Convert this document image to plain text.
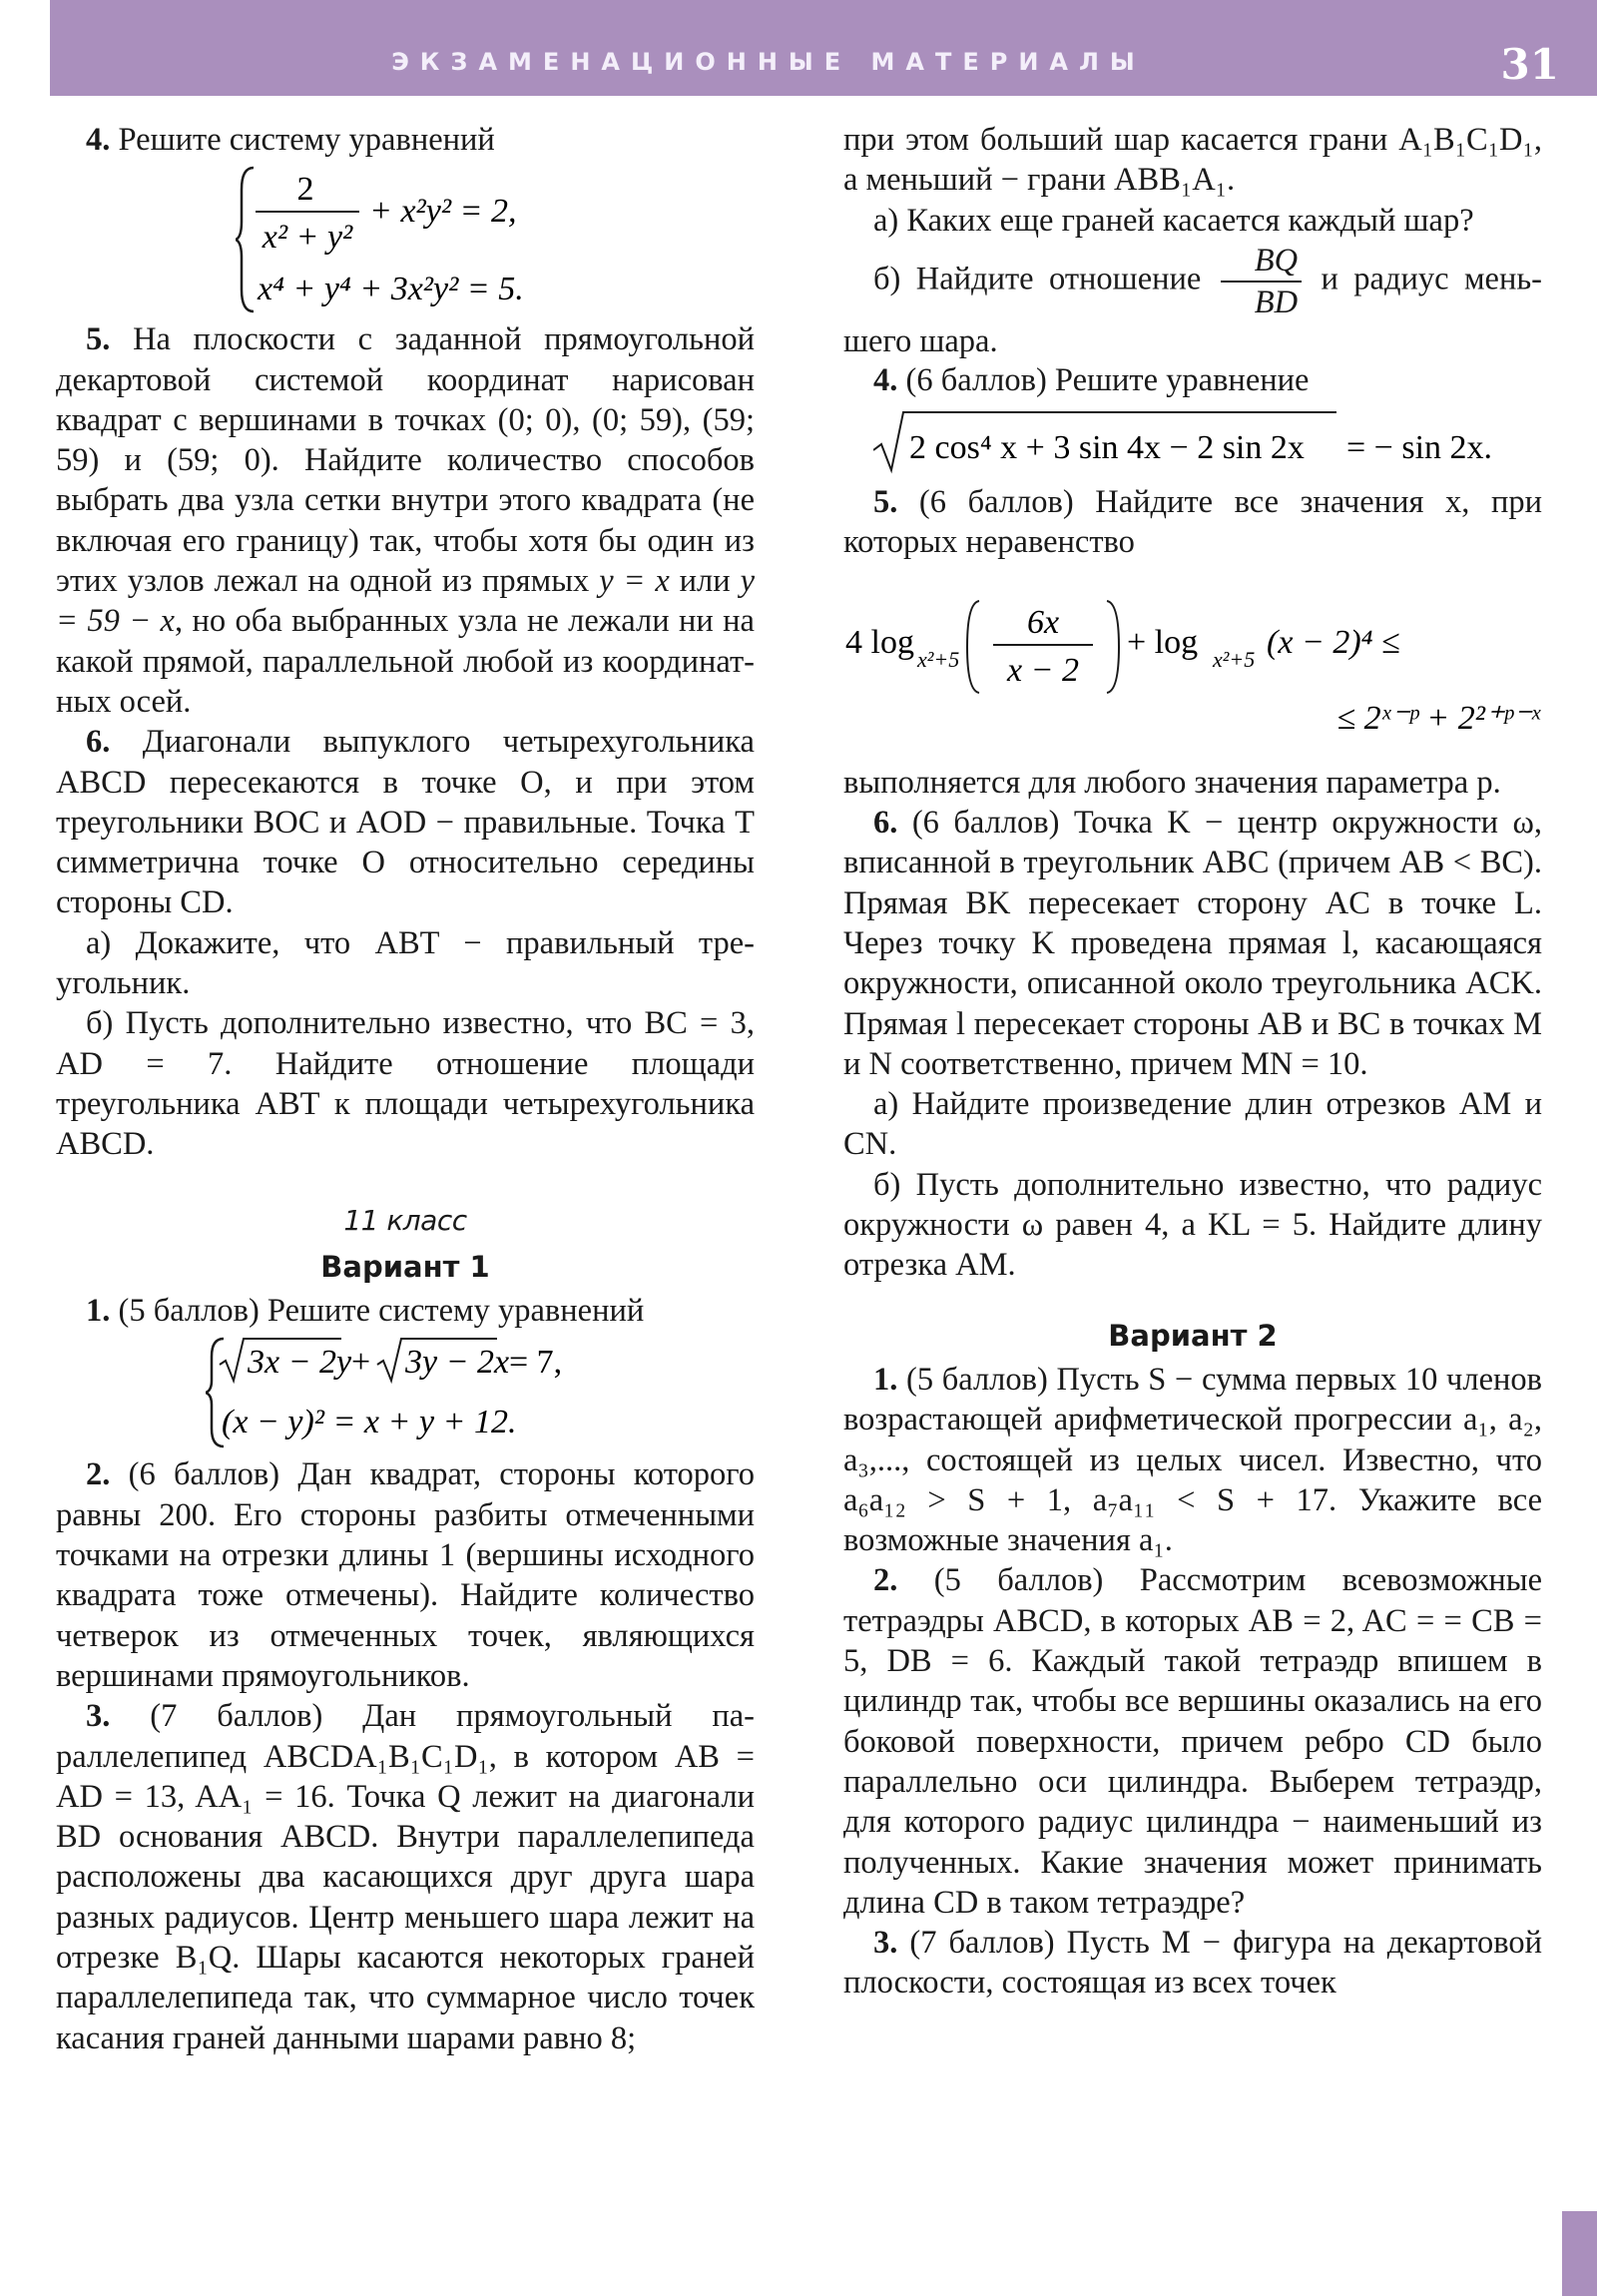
ЭКЗАМЕНАЦИОННЫЕ МАТЕРИАЛЫ	31

4. Решите систему уравнений

2
x² + y²
+ x²y² = 2,
x⁴ + y⁴ + 3x²y² = 5.

5. На плоскости с заданной прямоугольной декартовой системой координат нарисован квадрат с вершинами в точках (0; 0), (0; 59), (59; 59) и (59; 0). Найдите количество способов выбрать два узла сетки внутри этого квадрата (не включая его границу) так, чтобы хотя бы один из этих узлов лежал на одной из прямых y = x или y = 59 − x, но оба выбранных узла не лежали ни на какой прямой, параллельной любой из координатных осей.

6. Диагонали выпуклого четырехугольника ABCD пересекаются в точке O, и при этом треугольники BOC и AOD − правильные. Точка T симметрична точке O относительно середины стороны CD.

а) Докажите, что ABT − правильный треугольник.

б) Пусть дополнительно известно, что BC = 3, AD = 7. Найдите отношение площади треугольника ABT к площади четырехугольника ABCD.

11 класс
Вариант 1

1. (5 баллов) Решите систему уравнений

3x − 2y + 3y − 2x = 7,
(x − y)² = x + y + 12.

2. (6 баллов) Дан квадрат, стороны которого равны 200. Его стороны разбиты отмеченными точками на отрезки длины 1 (вершины исходного квадрата тоже отмечены). Найдите количество четверок из отмеченных точек, являющихся вершинами прямоугольников.

3. (7 баллов) Дан прямоугольный параллелепипед ABCDA₁B₁C₁D₁, в котором AB = AD = 13, AA₁ = 16. Точка Q лежит на диагонали BD основания ABCD. Внутри параллелепипеда расположены два касающихся друг друга шара разных радиусов. Центр меньшего шара лежит на отрезке B₁Q. Шары касаются некоторых граней параллелепипеда так, что суммарное число точек касания граней данными шарами равно 8;

при этом больший шар касается грани A₁B₁C₁D₁, а меньший − грани ABB₁A₁.

а) Каких еще граней касается каждый шар?

б) Найдите отношение $\frac{BQ}{BD}$ и радиус меньшего шара.

4. (6 баллов) Решите уравнение

2 cos⁴ x + 3 sin 4x − 2 sin 2x = − sin 2x.

5. (6 баллов) Найдите все значения x, при которых неравенство

4 log x²+5
6x
x − 2
+ log x²+5 (x − 2)⁴ ≤
≤ 2ˣ⁻ᵖ + 2²⁺ᵖ⁻ˣ

выполняется для любого значения параметра p.

6. (6 баллов) Точка K − центр окружности ω, вписанной в треугольник ABC (причем AB < BC). Прямая BK пересекает сторону AC в точке L. Через точку K проведена прямая l, касающаяся окружности, описанной около треугольника ACK. Прямая l пересекает стороны AB и BC в точках M и N соответственно, причем MN = 10.

а) Найдите произведение длин отрезков AM и CN.

б) Пусть дополнительно известно, что радиус окружности ω равен 4, а KL = 5. Найдите длину отрезка AM.

Вариант 2

1. (5 баллов) Пусть S − сумма первых 10 членов возрастающей арифметической прогрессии a₁, a₂, a₃,..., состоящей из целых чисел. Известно, что a₆a₁₂ > S + 1, a₇a₁₁ < S + 17. Укажите все возможные значения a₁.

2. (5 баллов) Рассмотрим всевозможные тетраэдры ABCD, в которых AB = 2, AC = = CB = 5, DB = 6. Каждый такой тетраэдр впишем в цилиндр так, чтобы все вершины оказались на его боковой поверхности, причем ребро CD было параллельно оси цилиндра. Выберем тетраэдр, для которого радиус цилиндра − наименьший из полученных. Какие значения может принимать длина CD в таком тетраэдре?

3. (7 баллов) Пусть M − фигура на декартовой плоскости, состоящая из всех точек
